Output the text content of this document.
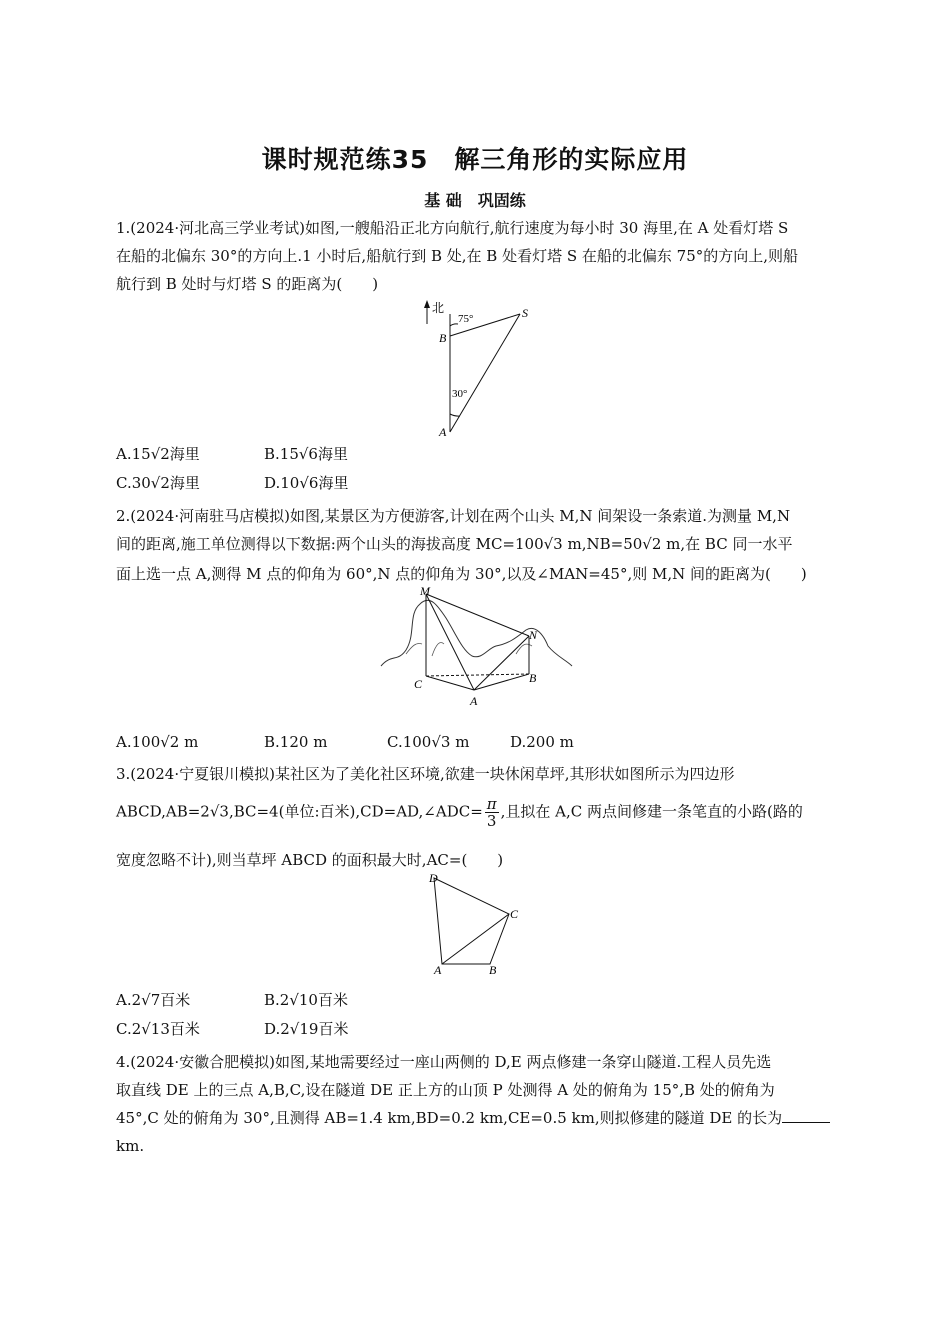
课时规范练35　解三角形的实际应用
基 础　巩固练
1.(2024·河北高三学业考试)如图,一艘船沿正北方向航行,航行速度为每小时 30 海里,在 A 处看灯塔 S
在船的北偏东 30°的方向上.1 小时后,船航行到 B 处,在 B 处看灯塔 S 在船的北偏东 75°的方向上,则船
航行到 B 处时与灯塔 S 的距离为(　　)
北
75°
30°
B
A
S
A.15√2海里	B.15√6海里
C.30√2海里	D.10√6海里
2.(2024·河南驻马店模拟)如图,某景区为方便游客,计划在两个山头 M,N 间架设一条索道.为测量 M,N
间的距离,施工单位测得以下数据:两个山头的海拔高度 MC=100√3 m,NB=50√2 m,在 BC 同一水平
面上选一点 A,测得 M 点的仰角为 60°,N 点的仰角为 30°,以及∠MAN=45°,则 M,N 间的距离为(　　)
M
N
C	B
A
A.100√2 m	B.120 m	C.100√3 m	D.200 m
3.(2024·宁夏银川模拟)某社区为了美化社区环境,欲建一块休闲草坪,其形状如图所示为四边形
ABCD,AB=2√3,BC=4(单位:百米),CD=AD,∠ADC= $\frac{\pi}{3}$ ,且拟在 A,C 两点间修建一条笔直的小路(路的
宽度忽略不计),则当草坪 ABCD 的面积最大时,AC=(　　)
D
C
A	B
A.2√7百米	B.2√10百米
C.2√13百米	D.2√19百米
4.(2024·安徽合肥模拟)如图,某地需要经过一座山两侧的 D,E 两点修建一条穿山隧道.工程人员先选
取直线 DE 上的三点 A,B,C,设在隧道 DE 正上方的山顶 P 处测得 A 处的俯角为 15°,B 处的俯角为
45°,C 处的俯角为 30°,且测得 AB=1.4 km,BD=0.2 km,CE=0.5 km,则拟修建的隧道 DE 的长为
km.
